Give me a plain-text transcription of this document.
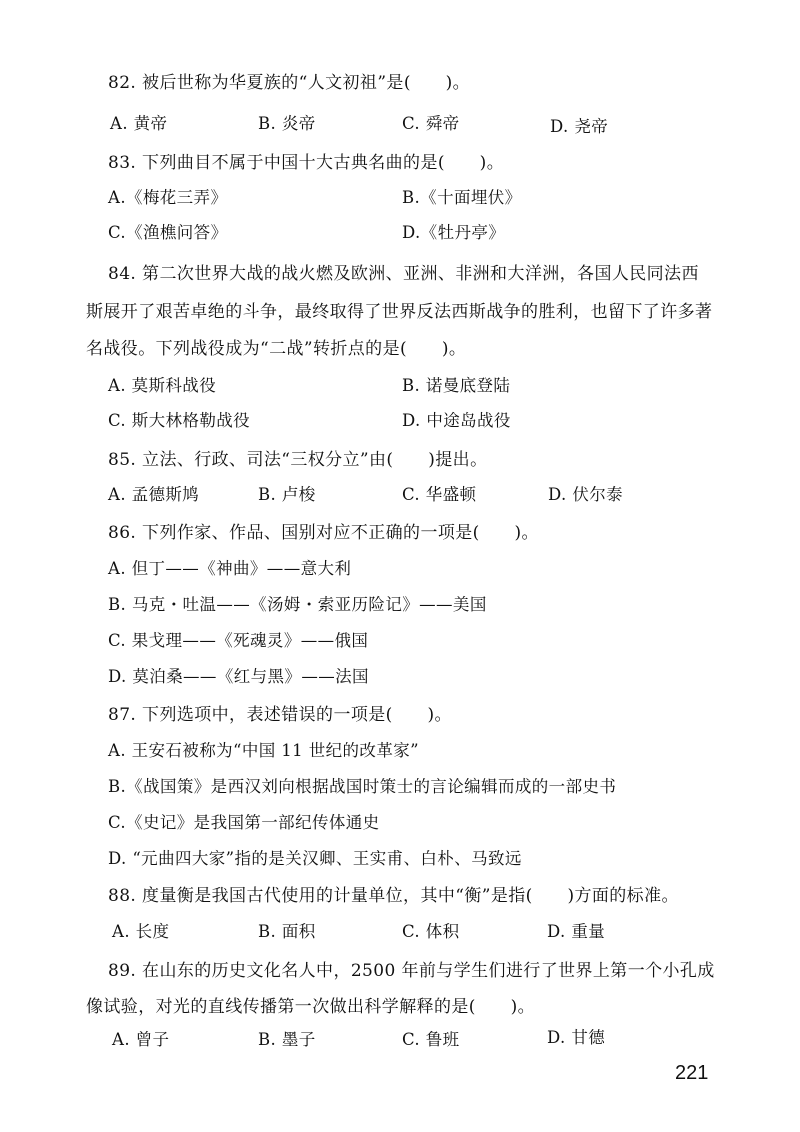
82. 被后世称为华夏族的“人文初祖”是(　　)。
A. 黄帝	B. 炎帝	C. 舜帝	D. 尧帝
83. 下列曲目不属于中国十大古典名曲的是(　　)。
A.《梅花三弄》	B.《十面埋伏》
C.《渔樵问答》	D.《牡丹亭》
84. 第二次世界大战的战火燃及欧洲、亚洲、非洲和大洋洲，各国人民同法西
斯展开了艰苦卓绝的斗争，最终取得了世界反法西斯战争的胜利，也留下了许多著
名战役。下列战役成为“二战”转折点的是(　　)。
A. 莫斯科战役	B. 诺曼底登陆
C. 斯大林格勒战役	D. 中途岛战役
85. 立法、行政、司法“三权分立”由(　　)提出。
A. 孟德斯鸠	B. 卢梭	C. 华盛顿	D. 伏尔泰
86. 下列作家、作品、国别对应不正确的一项是(　　)。
A. 但丁——《神曲》——意大利
B. 马克・吐温——《汤姆・索亚历险记》——美国
C. 果戈理——《死魂灵》——俄国
D. 莫泊桑——《红与黑》——法国
87. 下列选项中，表述错误的一项是(　　)。
A. 王安石被称为“中国 11 世纪的改革家”
B.《战国策》是西汉刘向根据战国时策士的言论编辑而成的一部史书
C.《史记》是我国第一部纪传体通史
D. “元曲四大家”指的是关汉卿、王实甫、白朴、马致远
88. 度量衡是我国古代使用的计量单位，其中“衡”是指(　　)方面的标准。
A. 长度	B. 面积	C. 体积	D. 重量
89. 在山东的历史文化名人中，2500 年前与学生们进行了世界上第一个小孔成
像试验，对光的直线传播第一次做出科学解释的是(　　)。
A. 曾子	B. 墨子	C. 鲁班	D. 甘德
221
